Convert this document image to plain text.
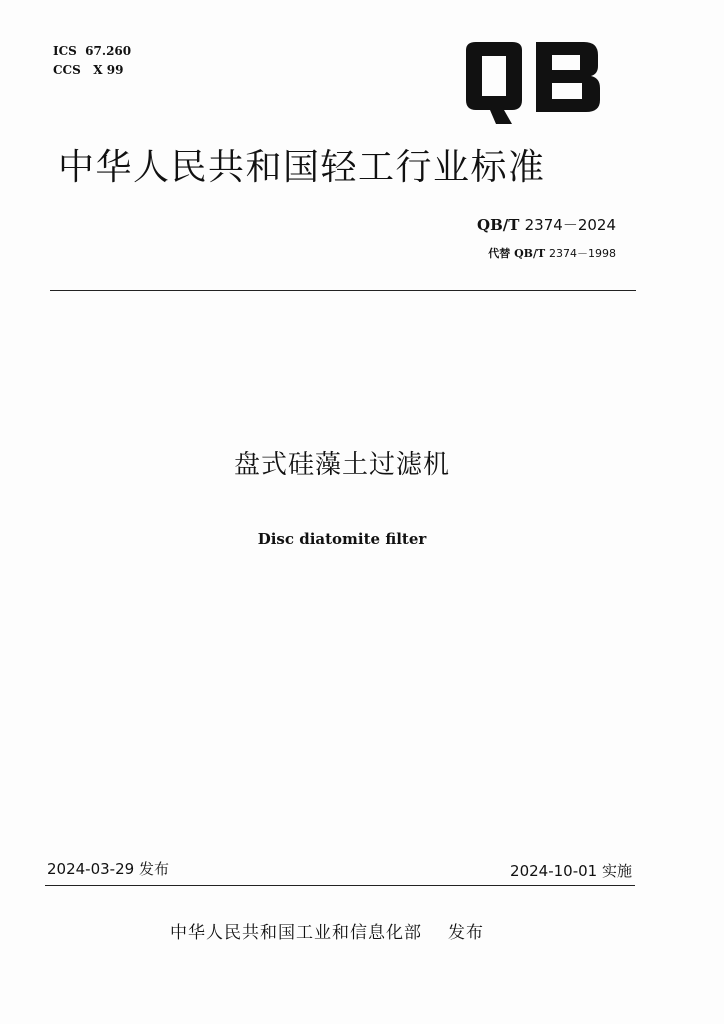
ICS  67.260
CCS   X 99
中华人民共和国轻工行业标准
QB/T 2374－2024
代替 QB/T 2374－1998
盘式硅藻土过滤机
Disc diatomite filter
2024-03-29 发布	2024-10-01 实施
中华人民共和国工业和信息化部 发布
